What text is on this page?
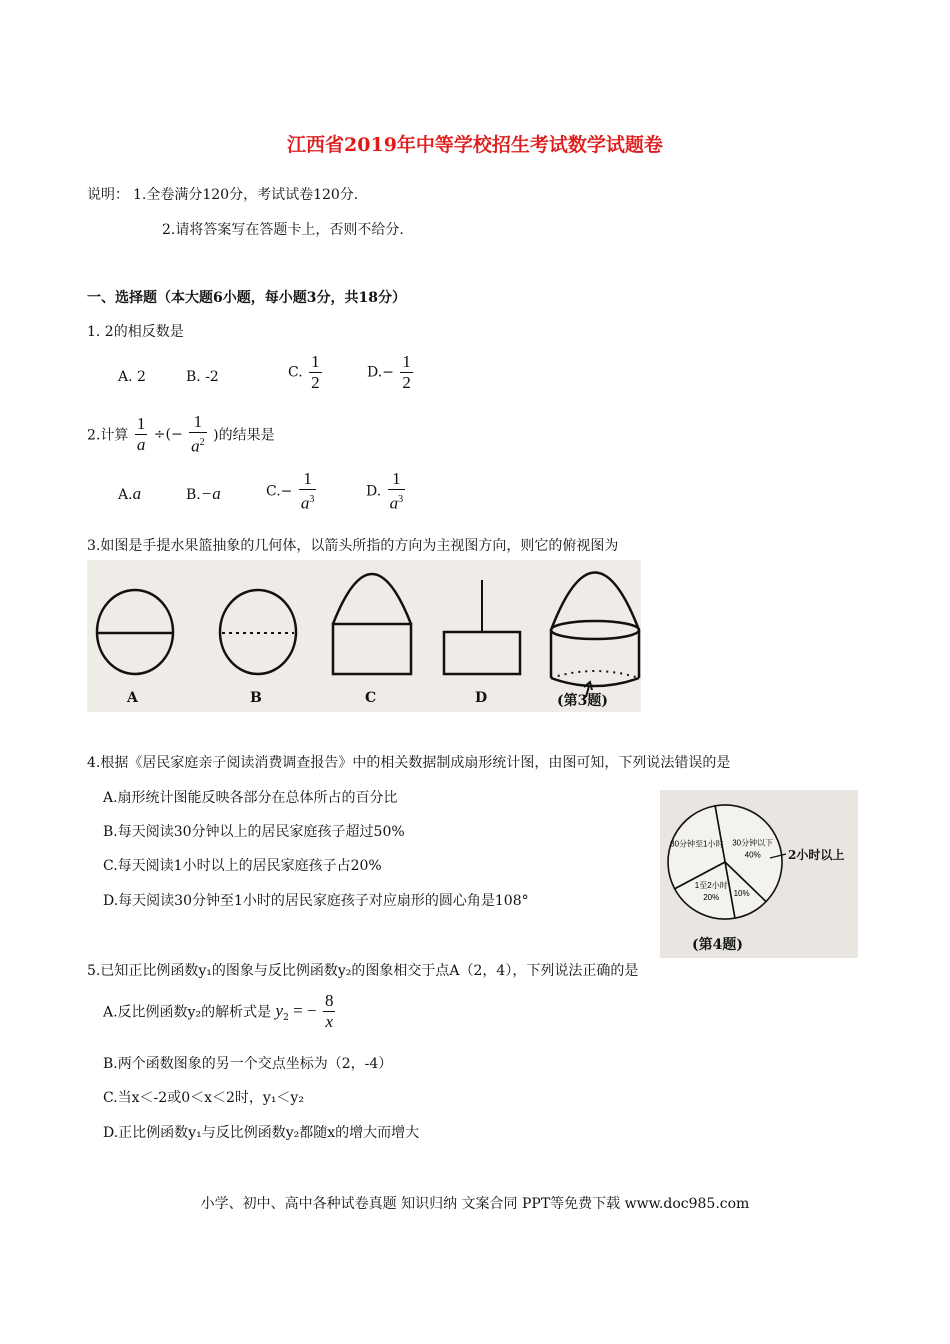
江西省2019年中等学校招生考试数学试题卷
说明： 1.全卷满分120分，考试试卷120分.
2.请将答案写在答题卡上，否则不给分.
一、选择题（本大题6小题，每小题3分，共18分）
1. 2的相反数是
A. 2	B. -2	C. $\frac{1}{2}$	$D.- \frac{1}{2}$
2.计算 $\frac{1}{a}$ ÷(− $\frac{1}{a^2}$ )的结果是
A.a	B.−a	$C.- \frac{1}{a^3}$	D. $\frac{1}{a^3}$
3.如图是手提水果篮抽象的几何体，以箭头所指的方向为主视图方向，则它的俯视图为
A	B	C	D	(第3题)
4.根据《居民家庭亲子阅读消费调查报告》中的相关数据制成扇形统计图，由图可知，下列说法错误的是
A.扇形统计图能反映各部分在总体所占的百分比
B.每天阅读30分钟以上的居民家庭孩子超过50%
C.每天阅读1小时以上的居民家庭孩子占20%
D.每天阅读30分钟至1小时的居民家庭孩子对应扇形的圆心角是108°
30分钟以下
40%
10%
1至2小时
20%
30分钟至1小时
2小时以上
(第4题)
5.已知正比例函数y₁的图象与反比例函数y₂的图象相交于点A（2，4），下列说法正确的是
A.反比例函数y₂的解析式是 $y_2$ = − $\frac{8}{x}$
B.两个函数图象的另一个交点坐标为（2，-4）
C.当x＜-2或0＜x＜2时，y₁＜y₂
D.正比例函数y₁与反比例函数y₂都随x的增大而增大
小学、初中、高中各种试卷真题 知识归纳 文案合同 PPT等免费下载 www.doc985.com
